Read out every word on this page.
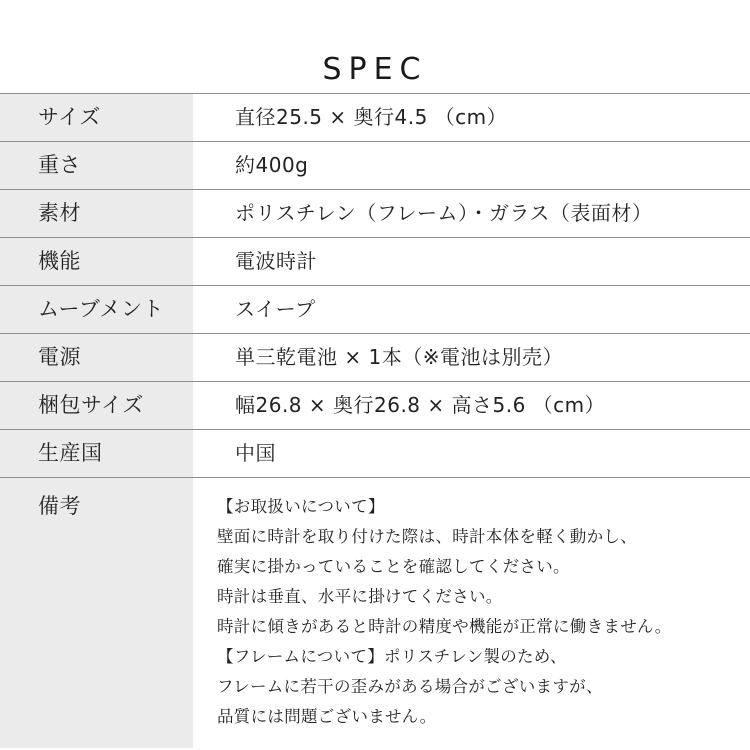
SPEC
サイズ	直径25.5 × 奥行4.5 （cm）
重さ	約400g
素材	ポリスチレン（フレーム）・ガラス（表面材）
機能	電波時計
ムーブメント	スイープ
電源	単三乾電池 × 1本（※電池は別売）
梱包サイズ	幅26.8 × 奥行26.8 × 高さ5.6 （cm）
生産国	中国
備考	【お取扱いについて】
壁面に時計を取り付けた際は、時計本体を軽く動かし、
確実に掛かっていることを確認してください。
時計は垂直、水平に掛けてください。
時計に傾きがあると時計の精度や機能が正常に働きません。
【フレームについて】ポリスチレン製のため、
フレームに若干の歪みがある場合がございますが、
品質には問題ございません。
